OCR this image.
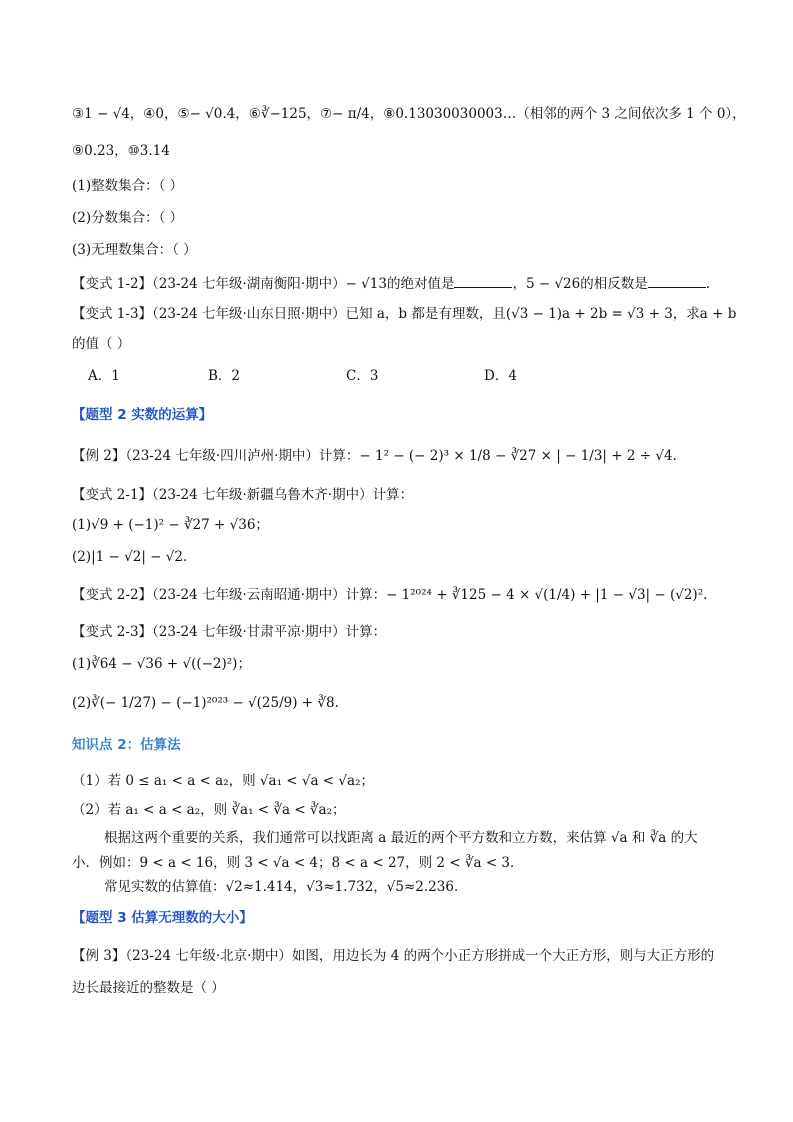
③1 − √4，④0，⑤− √0.4，⑥∛−125，⑦− π/4，⑧0.13030030003…（相邻的两个 3 之间依次多 1 个 0），
⑨0.23，⑩3.14
(1)整数集合：（ ）
(2)分数集合：（ ）
(3)无理数集合：（ ）
【变式 1-2】（23-24 七年级·湖南衡阳·期中）− √13的绝对值是	，5 − √26的相反数是	.
【变式 1-3】（23-24 七年级·山东日照·期中）已知 a，b 都是有理数，且(√3 − 1)a + 2b = √3 + 3，求a + b
的值（ ）
A．1	B．2	C．3	D．4
【题型 2 实数的运算】
【例 2】（23-24 七年级·四川泸州·期中）计算：− 1² − (− 2)³ × 1/8 − ∛27 × | − 1/3| + 2 ÷ √4.
【变式 2-1】（23-24 七年级·新疆乌鲁木齐·期中）计算：
(1)√9 + (−1)² − ∛27 + √36；
(2)|1 − √2| − √2.
【变式 2-2】（23-24 七年级·云南昭通·期中）计算：− 1²⁰²⁴ + ∛125 − 4 × √(1/4) + |1 − √3| − (√2)².
【变式 2-3】（23-24 七年级·甘肃平凉·期中）计算：
(1)∛64 − √36 + √((−2)²)；
(2)∛(− 1/27) − (−1)²⁰²³ − √(25/9) + ∛8.
知识点 2：估算法
（1）若 0 ≤ a₁ < a < a₂，则 √a₁ < √a < √a₂；
（2）若 a₁ < a < a₂，则 ∛a₁ < ∛a < ∛a₂；
根据这两个重要的关系，我们通常可以找距离 a 最近的两个平方数和立方数，来估算 √a 和 ∛a 的大
小．例如：9 < a < 16，则 3 < √a < 4；8 < a < 27，则 2 < ∛a < 3．
常见实数的估算值：√2≈1.414，√3≈1.732，√5≈2.236．
【题型 3 估算无理数的大小】
【例 3】（23-24 七年级·北京·期中）如图，用边长为 4 的两个小正方形拼成一个大正方形，则与大正方形的
边长最接近的整数是（ ）
